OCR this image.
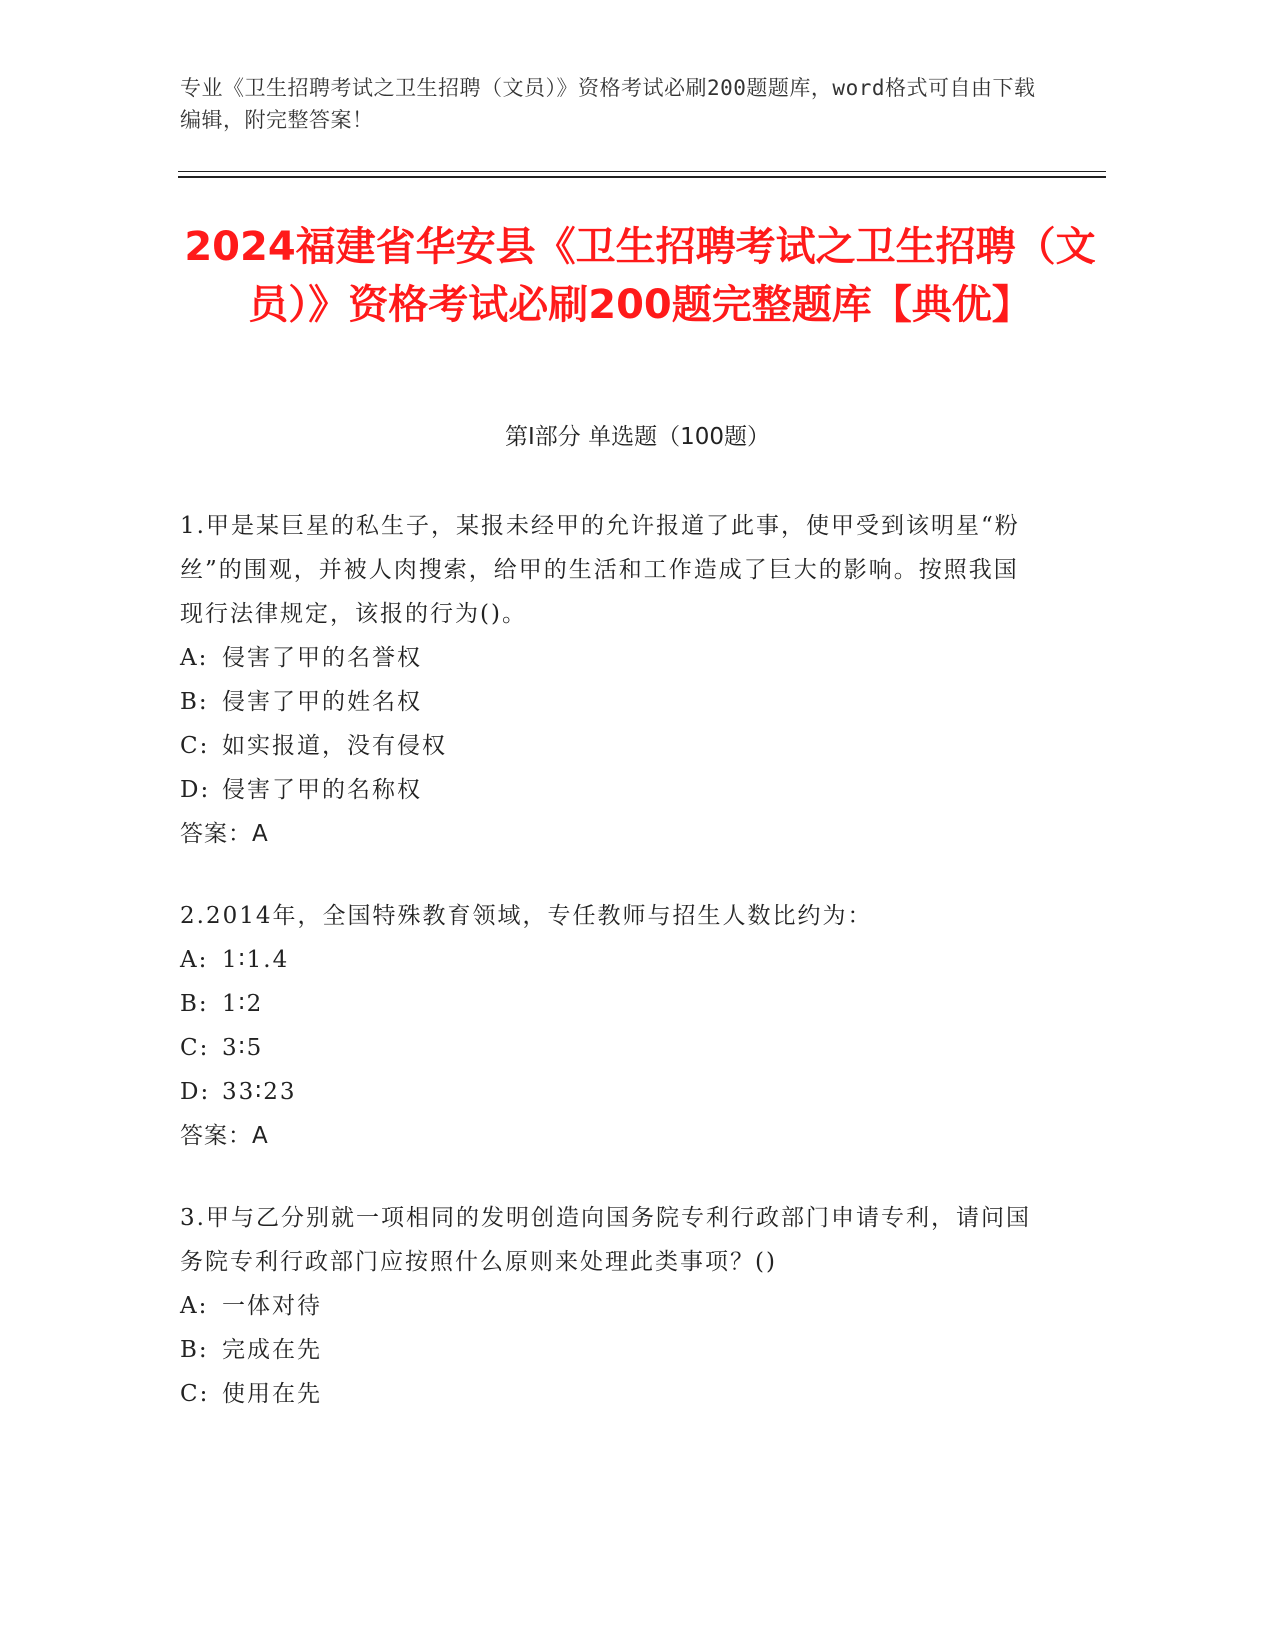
专业《卫生招聘考试之卫生招聘（文员）》资格考试必刷200题题库，word格式可自由下载编辑，附完整答案！
2024福建省华安县《卫生招聘考试之卫生招聘（文员）》资格考试必刷200题完整题库【典优】
第Ⅰ部分 单选题（100题）

1.甲是某巨星的私生子，某报未经甲的允许报道了此事，使甲受到该明星“粉丝”的围观，并被人肉搜索，给甲的生活和工作造成了巨大的影响。按照我国现行法律规定，该报的行为()。

A: 侵害了甲的名誉权
B: 侵害了甲的姓名权
C: 如实报道，没有侵权
D: 侵害了甲的名称权
答案：A

2.2014年，全国特殊教育领域，专任教师与招生人数比约为：

A: 1∶1.4
B: 1∶2
C: 3∶5
D: 33∶23
答案：A

3.甲与乙分别就一项相同的发明创造向国务院专利行政部门申请专利，请问国务院专利行政部门应按照什么原则来处理此类事项？()

A: 一体对待
B: 完成在先
C: 使用在先
